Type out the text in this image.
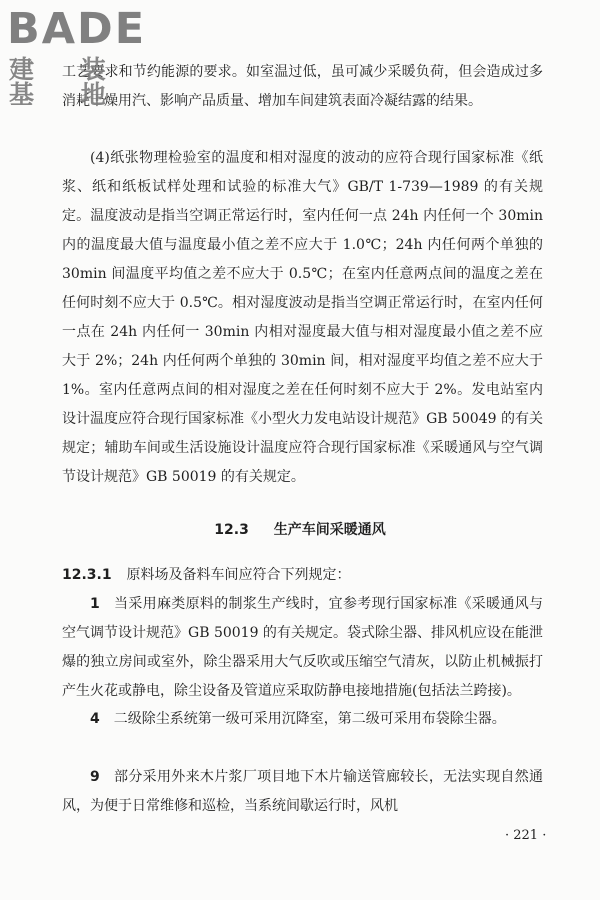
BADE
建 装 基 地
工艺要求和节约能源的要求。如室温过低，虽可减少采暖负荷，但会造成过多消耗干燥用汽、影响产品质量、增加车间建筑表面冷凝结露的结果。
(4)纸张物理检验室的温度和相对湿度的波动的应符合现行国家标准《纸浆、纸和纸板试样处理和试验的标准大气》GB/T 1-739—1989 的有关规定。温度波动是指当空调正常运行时，室内任何一点 24h 内任何一个 30min 内的温度最大值与温度最小值之差不应大于 1.0℃；24h 内任何两个单独的 30min 间温度平均值之差不应大于 0.5℃；在室内任意两点间的温度之差在任何时刻不应大于 0.5℃。相对湿度波动是指当空调正常运行时，在室内任何一点在 24h 内任何一 30min 内相对湿度最大值与相对湿度最小值之差不应大于 2%；24h 内任何两个单独的 30min 间，相对湿度平均值之差不应大于 1%。室内任意两点间的相对湿度之差在任何时刻不应大于 2%。发电站室内设计温度应符合现行国家标准《小型火力发电站设计规范》GB 50049 的有关规定；辅助车间或生活设施设计温度应符合现行国家标准《采暖通风与空气调节设计规范》GB 50019 的有关规定。
12.3 生产车间采暖通风
12.3.1 原料场及备料车间应符合下列规定：
1 当采用麻类原料的制浆生产线时，宜参考现行国家标准《采暖通风与空气调节设计规范》GB 50019 的有关规定。袋式除尘器、排风机应设在能泄爆的独立房间或室外，除尘器采用大气反吹或压缩空气清灰，以防止机械振打产生火花或静电，除尘设备及管道应采取防静电接地措施(包括法兰跨接)。
4 二级除尘系统第一级可采用沉降室，第二级可采用布袋除尘器。
9 部分采用外来木片浆厂项目地下木片输送管廊较长，无法实现自然通风，为便于日常维修和巡检，当系统间歇运行时，风机
· 221 ·
